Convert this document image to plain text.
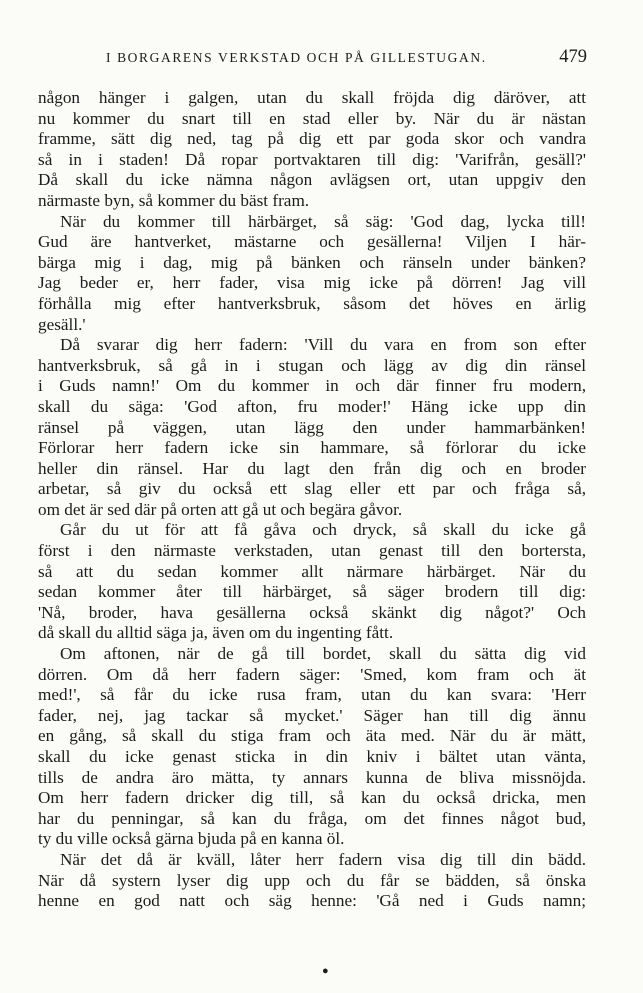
I BORGARENS VERKSTAD OCH PÅ GILLESTUGAN.	479
någon hänger i galgen, utan du skall fröjda dig däröver, att
nu kommer du snart till en stad eller by. När du är nästan
framme, sätt dig ned, tag på dig ett par goda skor och vandra
så in i staden! Då ropar portvaktaren till dig: 'Varifrån, gesäll?'
Då skall du icke nämna någon avlägsen ort, utan uppgiv den
närmaste byn, så kommer du bäst fram.
När du kommer till härbärget, så säg: 'God dag, lycka till!
Gud äre hantverket, mästarne och gesällerna! Viljen I här-
bärga mig i dag, mig på bänken och ränseln under bänken?
Jag beder er, herr fader, visa mig icke på dörren! Jag vill
förhålla mig efter hantverksbruk, såsom det höves en ärlig
gesäll.'
Då svarar dig herr fadern: 'Vill du vara en from son efter
hantverksbruk, så gå in i stugan och lägg av dig din ränsel
i Guds namn!' Om du kommer in och där finner fru modern,
skall du säga: 'God afton, fru moder!' Häng icke upp din
ränsel på väggen, utan lägg den under hammarbänken!
Förlorar herr fadern icke sin hammare, så förlorar du icke
heller din ränsel. Har du lagt den från dig och en broder
arbetar, så giv du också ett slag eller ett par och fråga så,
om det är sed där på orten att gå ut och begära gåvor.
Går du ut för att få gåva och dryck, så skall du icke gå
först i den närmaste verkstaden, utan genast till den bortersta,
så att du sedan kommer allt närmare härbärget. När du
sedan kommer åter till härbärget, så säger brodern till dig:
'Nå, broder, hava gesällerna också skänkt dig något?' Och
då skall du alltid säga ja, även om du ingenting fått.
Om aftonen, när de gå till bordet, skall du sätta dig vid
dörren. Om då herr fadern säger: 'Smed, kom fram och ät
med!', så får du icke rusa fram, utan du kan svara: 'Herr
fader, nej, jag tackar så mycket.' Säger han till dig ännu
en gång, så skall du stiga fram och äta med. När du är mätt,
skall du icke genast sticka in din kniv i bältet utan vänta,
tills de andra äro mätta, ty annars kunna de bliva missnöjda.
Om herr fadern dricker dig till, så kan du också dricka, men
har du penningar, så kan du fråga, om det finnes något bud,
ty du ville också gärna bjuda på en kanna öl.
När det då är kväll, låter herr fadern visa dig till din bädd.
När då systern lyser dig upp och du får se bädden, så önska
henne en god natt och säg henne: 'Gå ned i Guds namn;
●
